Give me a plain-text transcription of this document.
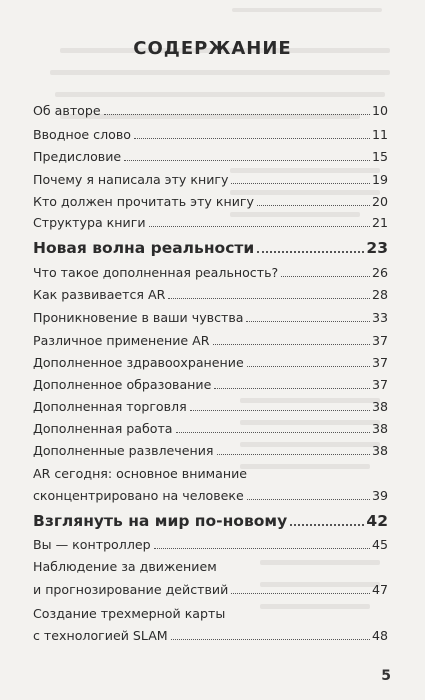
СОДЕРЖАНИЕ
Об авторе	10
Вводное слово	11
Предисловие	15
Почему я написала эту книгу	19
Кто должен прочитать эту книгу	20
Структура книги	21
Новая волна реальности	23
Что такое дополненная реальность?	26
Как развивается AR	28
Проникновение в ваши чувства	33
Различное применение AR	37
Дополненное здравоохранение	37
Дополненное образование	37
Дополненная торговля	38
Дополненная работа	38
Дополненные развлечения	38
AR сегодня: основное внимание
сконцентрировано на человеке	39
Взглянуть на мир по-новому	42
Вы — контроллер	45
Наблюдение за движением
и прогнозирование действий	47
Создание трехмерной карты
с технологией SLAM	48
5
